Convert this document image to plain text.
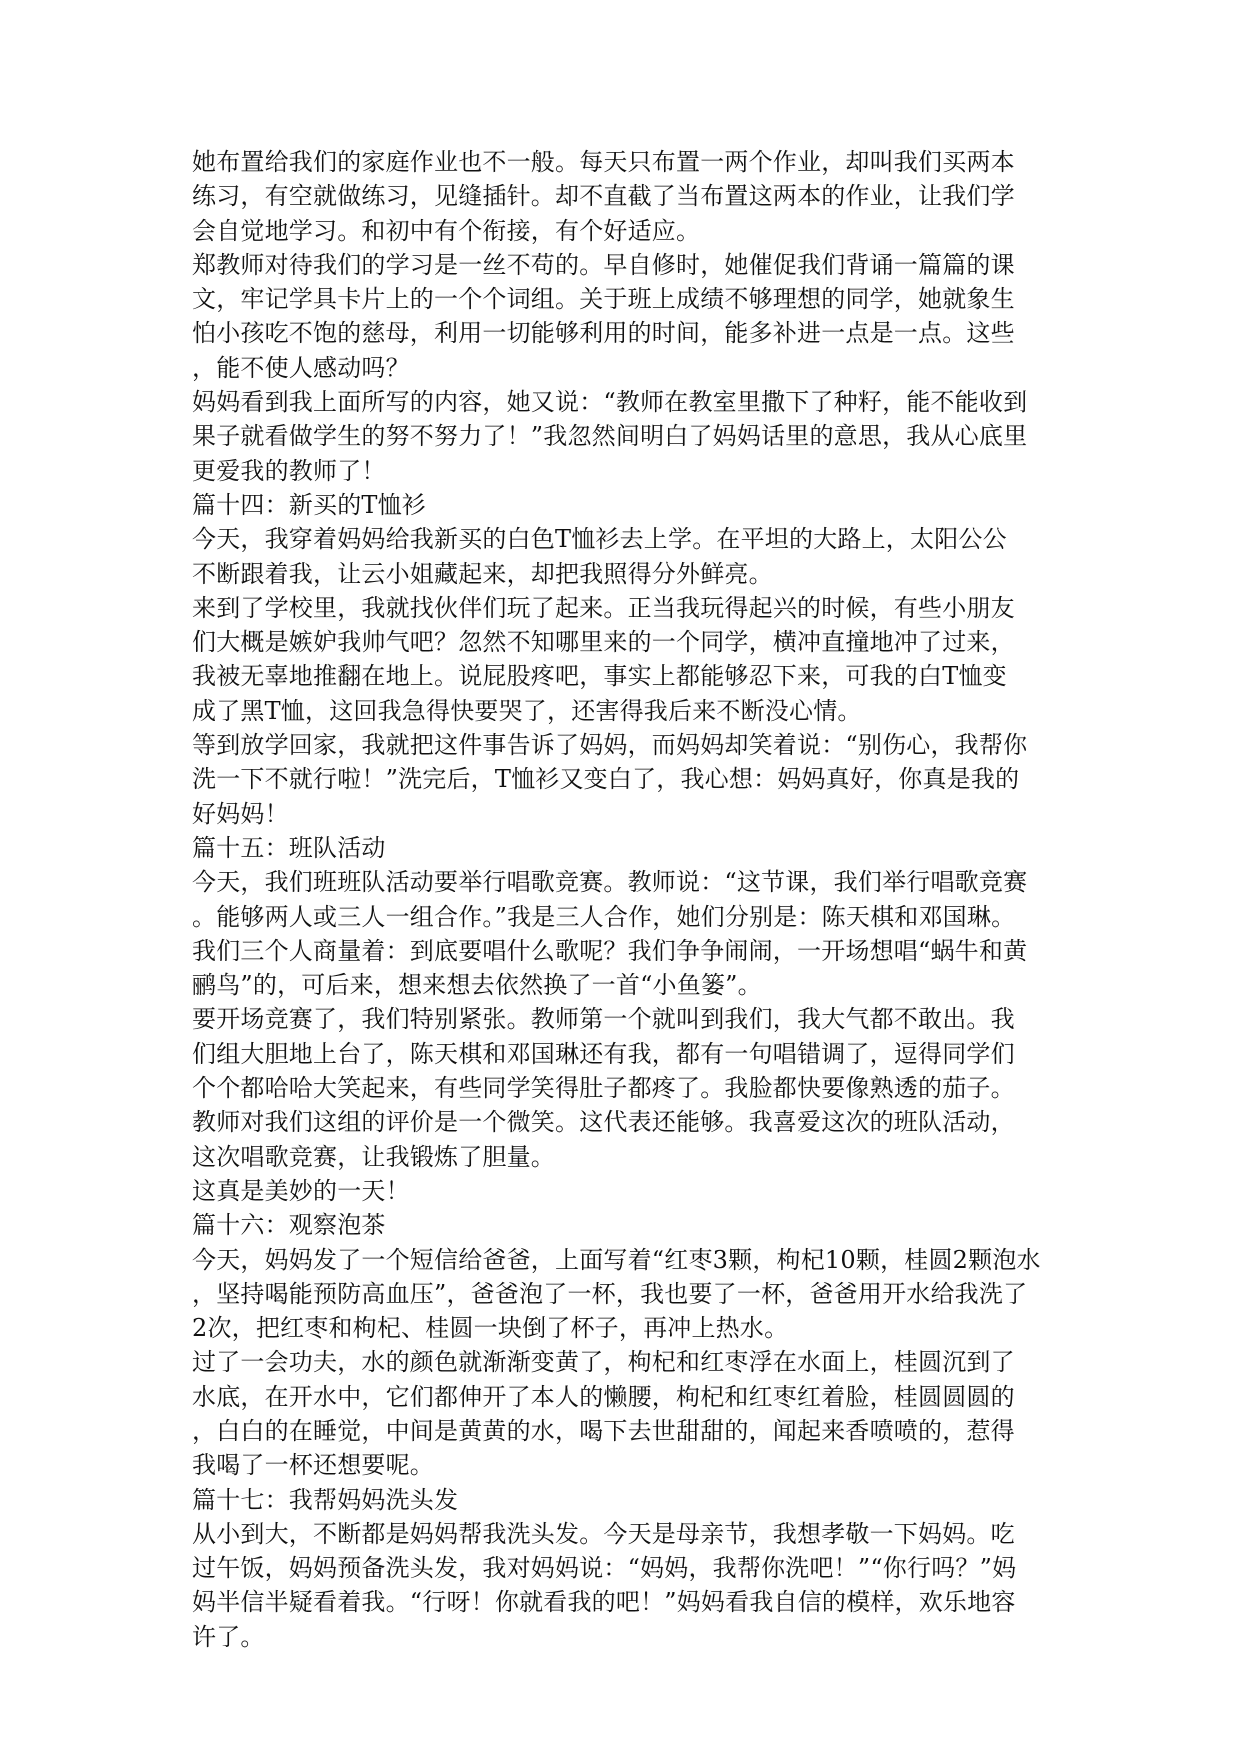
她布置给我们的家庭作业也不一般。每天只布置一两个作业，却叫我们买两本
练习，有空就做练习，见缝插针。却不直截了当布置这两本的作业，让我们学
会自觉地学习。和初中有个衔接，有个好适应。
郑教师对待我们的学习是一丝不苟的。早自修时，她催促我们背诵一篇篇的课
文，牢记学具卡片上的一个个词组。关于班上成绩不够理想的同学，她就象生
怕小孩吃不饱的慈母，利用一切能够利用的时间，能多补进一点是一点。这些
，能不使人感动吗？
妈妈看到我上面所写的内容，她又说：“教师在教室里撒下了种籽，能不能收到
果子就看做学生的努不努力了！”我忽然间明白了妈妈话里的意思，我从心底里
更爱我的教师了！
篇十四：新买的T恤衫
今天，我穿着妈妈给我新买的白色T恤衫去上学。在平坦的大路上，太阳公公
不断跟着我，让云小姐藏起来，却把我照得分外鲜亮。
来到了学校里，我就找伙伴们玩了起来。正当我玩得起兴的时候，有些小朋友
们大概是嫉妒我帅气吧？忽然不知哪里来的一个同学，横冲直撞地冲了过来，
我被无辜地推翻在地上。说屁股疼吧，事实上都能够忍下来，可我的白T恤变
成了黑T恤，这回我急得快要哭了，还害得我后来不断没心情。
等到放学回家，我就把这件事告诉了妈妈，而妈妈却笑着说：“别伤心，我帮你
洗一下不就行啦！”洗完后，T恤衫又变白了，我心想：妈妈真好，你真是我的
好妈妈！
篇十五：班队活动
今天，我们班班队活动要举行唱歌竞赛。教师说：“这节课，我们举行唱歌竞赛
。能够两人或三人一组合作。”我是三人合作，她们分别是：陈天棋和邓国琳。
我们三个人商量着：到底要唱什么歌呢？我们争争闹闹，一开场想唱“蜗牛和黄
鹂鸟”的，可后来，想来想去依然换了一首“小鱼篓”。
要开场竞赛了，我们特别紧张。教师第一个就叫到我们，我大气都不敢出。我
们组大胆地上台了，陈天棋和邓国琳还有我，都有一句唱错调了，逗得同学们
个个都哈哈大笑起来，有些同学笑得肚子都疼了。我脸都快要像熟透的茄子。
教师对我们这组的评价是一个微笑。这代表还能够。我喜爱这次的班队活动，
这次唱歌竞赛，让我锻炼了胆量。
这真是美妙的一天！
篇十六：观察泡茶
今天，妈妈发了一个短信给爸爸，上面写着“红枣3颗，枸杞10颗，桂圆2颗泡水
，坚持喝能预防高血压”，爸爸泡了一杯，我也要了一杯，爸爸用开水给我洗了
2次，把红枣和枸杞、桂圆一块倒了杯子，再冲上热水。
过了一会功夫，水的颜色就渐渐变黄了，枸杞和红枣浮在水面上，桂圆沉到了
水底，在开水中，它们都伸开了本人的懒腰，枸杞和红枣红着脸，桂圆圆圆的
，白白的在睡觉，中间是黄黄的水，喝下去世甜甜的，闻起来香喷喷的，惹得
我喝了一杯还想要呢。
篇十七：我帮妈妈洗头发
从小到大，不断都是妈妈帮我洗头发。今天是母亲节，我想孝敬一下妈妈。吃
过午饭，妈妈预备洗头发，我对妈妈说：“妈妈，我帮你洗吧！”“你行吗？”妈
妈半信半疑看着我。“行呀！你就看我的吧！”妈妈看我自信的模样，欢乐地容
许了。
